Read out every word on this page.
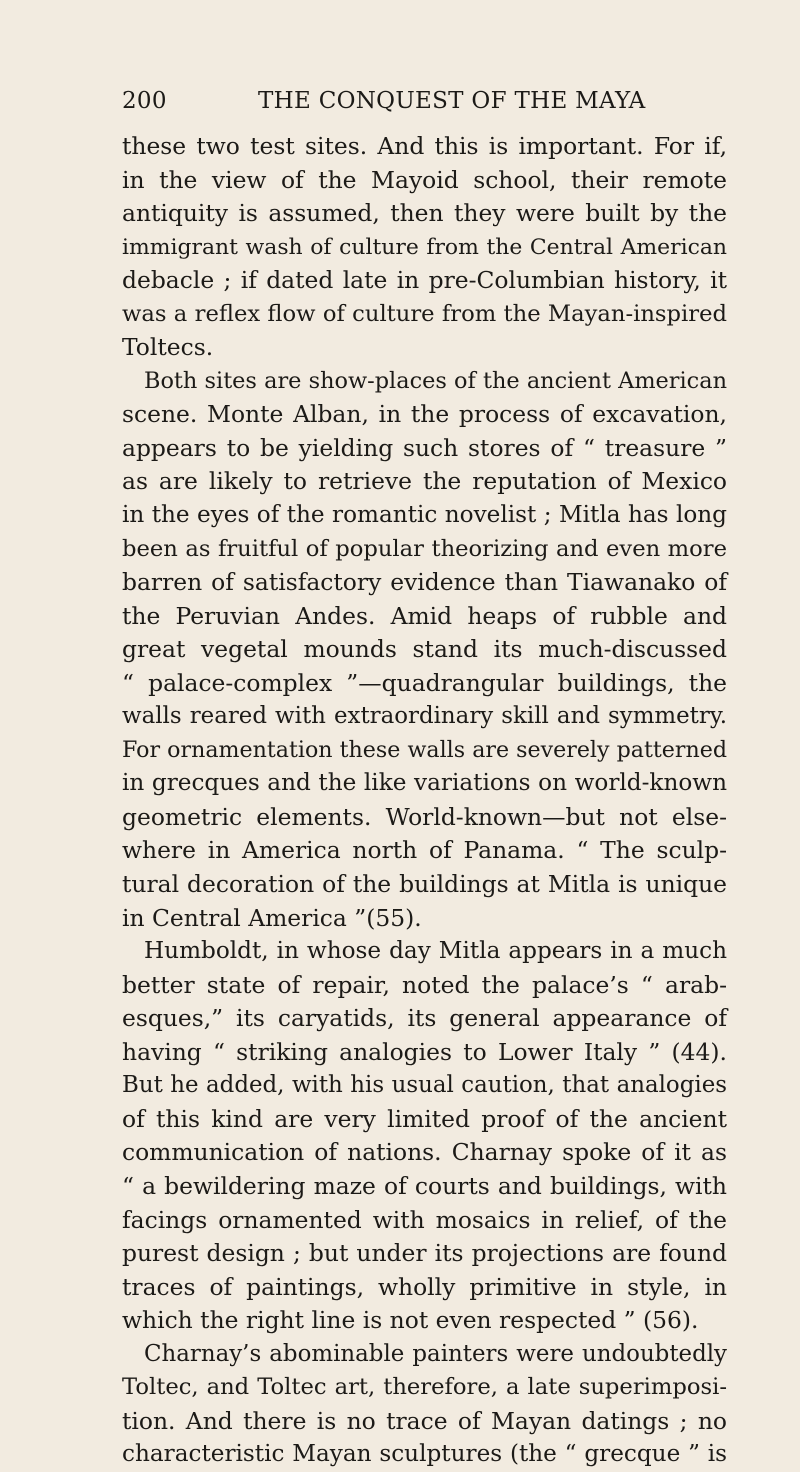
200	THE CONQUEST OF THE MAYA
these two test sites. And this is important. For if,
in the view of the Mayoid school, their remote
antiquity is assumed, then they were built by the
immigrant wash of culture from the Central American
debacle ; if dated late in pre-Columbian history, it
was a reflex flow of culture from the Mayan-inspired
Toltecs.
Both sites are show-places of the ancient American
scene. Monte Alban, in the process of excavation,
appears to be yielding such stores of “ treasure ”
as are likely to retrieve the reputation of Mexico
in the eyes of the romantic novelist ; Mitla has long
been as fruitful of popular theorizing and even more
barren of satisfactory evidence than Tiawanako of
the Peruvian Andes. Amid heaps of rubble and
great vegetal mounds stand its much-discussed
“ palace-complex ”—quadrangular buildings, the
walls reared with extraordinary skill and symmetry.
For ornamentation these walls are severely patterned
in grecques and the like variations on world-known
geometric elements. World-known—but not else-
where in America north of Panama. “ The sculp-
tural decoration of the buildings at Mitla is unique
in Central America ”(55).
Humboldt, in whose day Mitla appears in a much
better state of repair, noted the palace’s “ arab-
esques,” its caryatids, its general appearance of
having “ striking analogies to Lower Italy ” (44).
But he added, with his usual caution, that analogies
of this kind are very limited proof of the ancient
communication of nations. Charnay spoke of it as
“ a bewildering maze of courts and buildings, with
facings ornamented with mosaics in relief, of the
purest design ; but under its projections are found
traces of paintings, wholly primitive in style, in
which the right line is not even respected ” (56).
Charnay’s abominable painters were undoubtedly
Toltec, and Toltec art, therefore, a late superimposi-
tion. And there is no trace of Mayan datings ; no
characteristic Mayan sculptures (the “ grecque ” is
